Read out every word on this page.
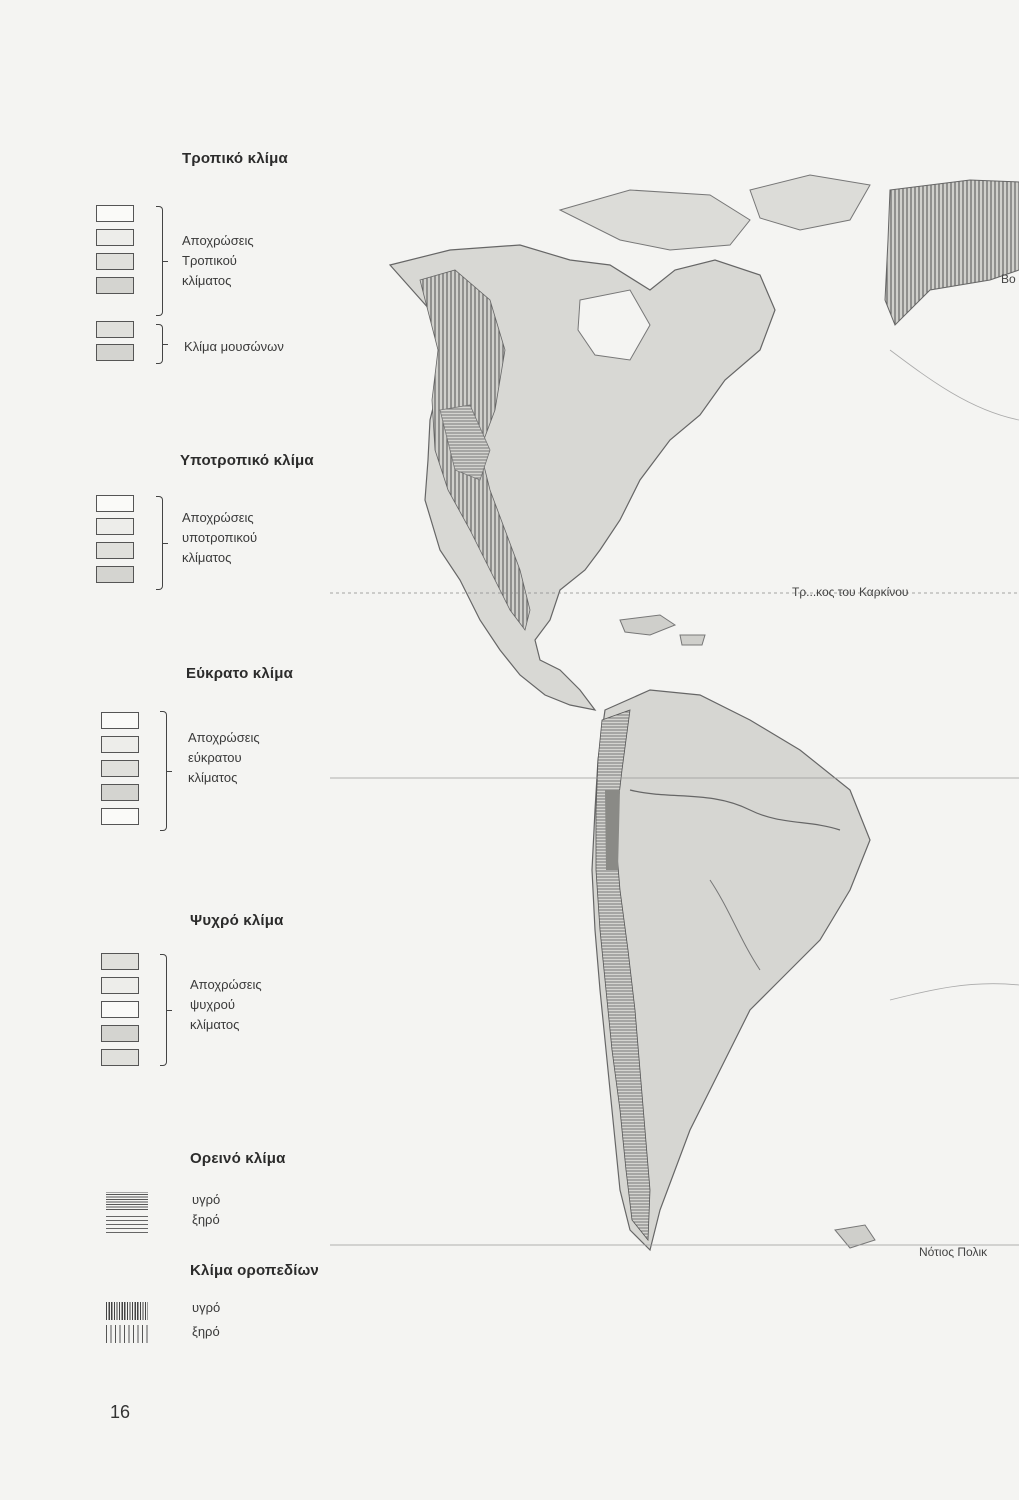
Τροπικό κλίμα
Αποχρώσεις
Τροπικού
κλίματος
Κλίμα μουσώνων
Υποτροπικό κλίμα
Αποχρώσεις
υποτροπικού
κλίματος
Εύκρατο κλίμα
Αποχρώσεις
εύκρατου
κλίματος
Ψυχρό κλίμα
Αποχρώσεις
ψυχρού
κλίματος
Ορεινό κλίμα
υγρό
ξηρό
Κλίμα οροπεδίων
υγρό
ξηρό
16
Τρ...κος του Καρκίνου
Νότιος Πολικ
Βο
